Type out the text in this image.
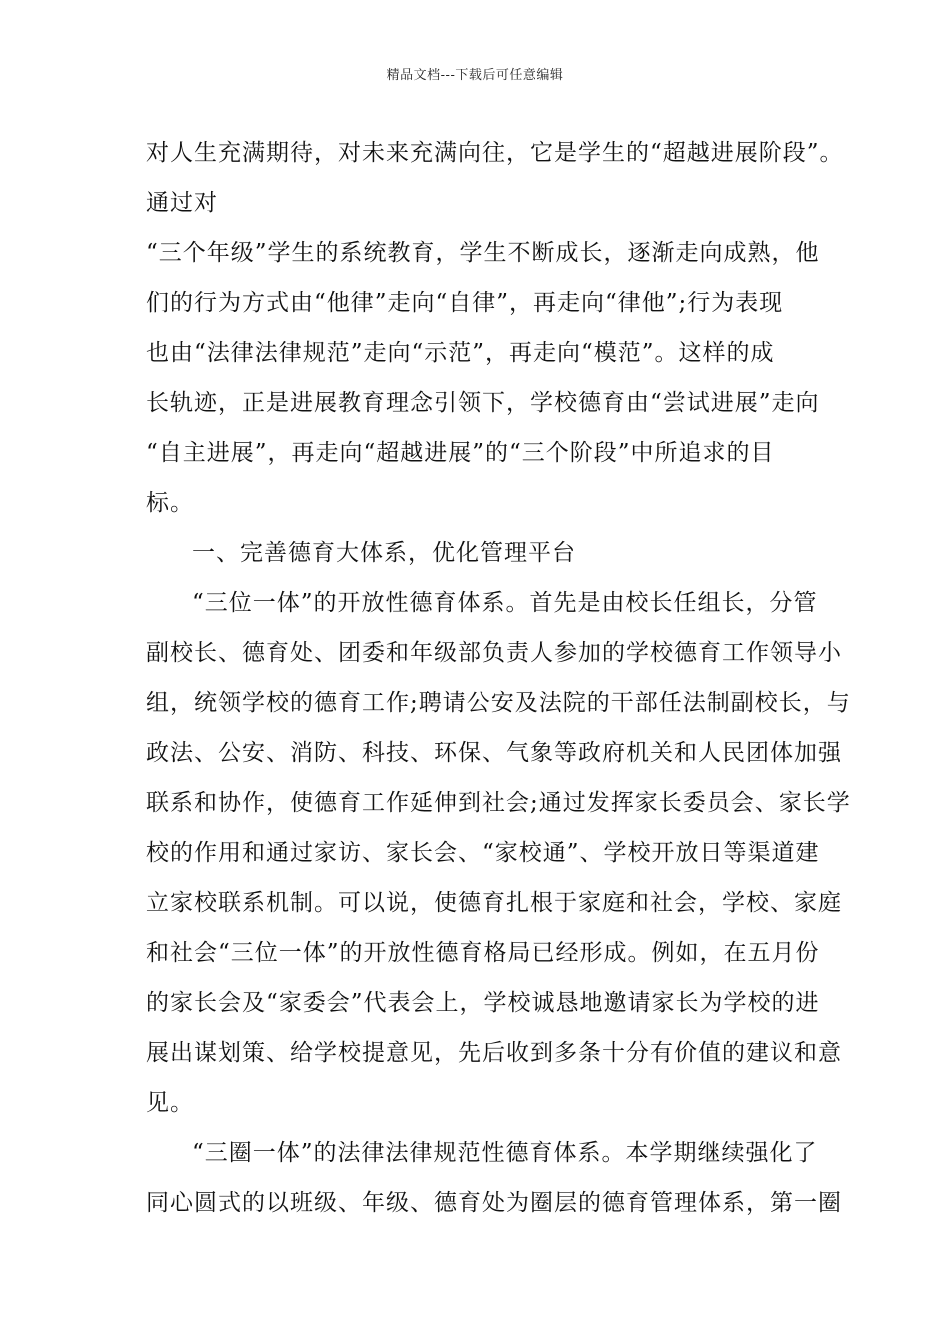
精品文档---下载后可任意编辑
对人生充满期待，对未来充满向往，它是学生的“超越进展阶段”。
通过对
“三个年级”学生的系统教育，学生不断成长，逐渐走向成熟，他
们的行为方式由“他律”走向“自律”，再走向“律他”;行为表现
也由“法律法律规范”走向“示范”，再走向“模范”。这样的成
长轨迹，正是进展教育理念引领下，学校德育由“尝试进展”走向
“自主进展”，再走向“超越进展”的“三个阶段”中所追求的目
标。
一、完善德育大体系，优化管理平台
“三位一体”的开放性德育体系。首先是由校长任组长，分管
副校长、德育处、团委和年级部负责人参加的学校德育工作领导小
组，统领学校的德育工作;聘请公安及法院的干部任法制副校长，与
政法、公安、消防、科技、环保、气象等政府机关和人民团体加强
联系和协作，使德育工作延伸到社会;通过发挥家长委员会、家长学
校的作用和通过家访、家长会、“家校通”、学校开放日等渠道建
立家校联系机制。可以说，使德育扎根于家庭和社会，学校、家庭
和社会“三位一体”的开放性德育格局已经形成。例如，在五月份
的家长会及“家委会”代表会上，学校诚恳地邀请家长为学校的进
展出谋划策、给学校提意见，先后收到多条十分有价值的建议和意
见。
“三圈一体”的法律法律规范性德育体系。本学期继续强化了
同心圆式的以班级、年级、德育处为圈层的德育管理体系，第一圈
